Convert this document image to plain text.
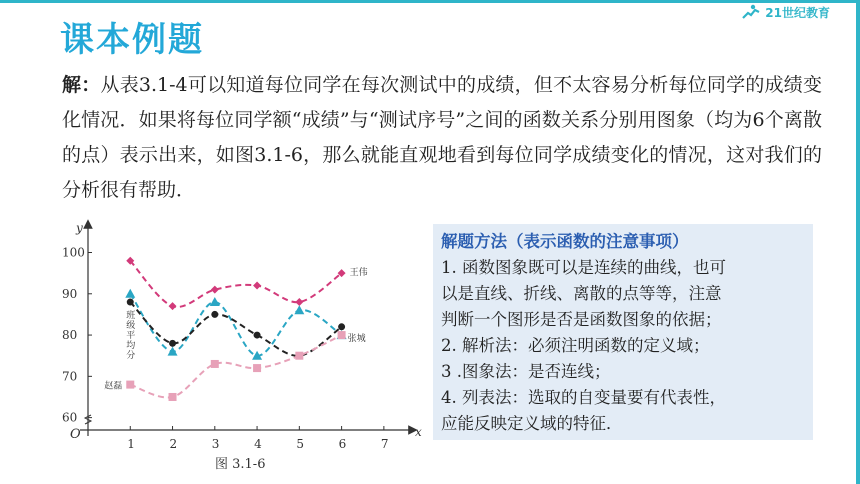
21世纪教育
课本例题
解：从表3.1-4可以知道每位同学在每次测试中的成绩，但不太容易分析每位同学的成绩变化情况．如果将每位同学额“成绩”与“测试序号”之间的函数关系分别用图象（均为6个离散的点）表示出来，如图3.1-6，那么就能直观地看到每位同学成绩变化的情况，这对我们的分析很有帮助．
x
y
O
1	2	3	4	5	6	7
60
70
80
90
100
王伟
张城
班
级
平
均
分
赵磊
图 3.1-6
解题方法（表示函数的注意事项）
1. 函数图象既可以是连续的曲线，也可
以是直线、折线、离散的点等等，注意
判断一个图形是否是函数图象的依据；
2. 解析法：必须注明函数的定义域；
3 .图象法：是否连线；
4. 列表法：选取的自变量要有代表性，
应能反映定义域的特征．
